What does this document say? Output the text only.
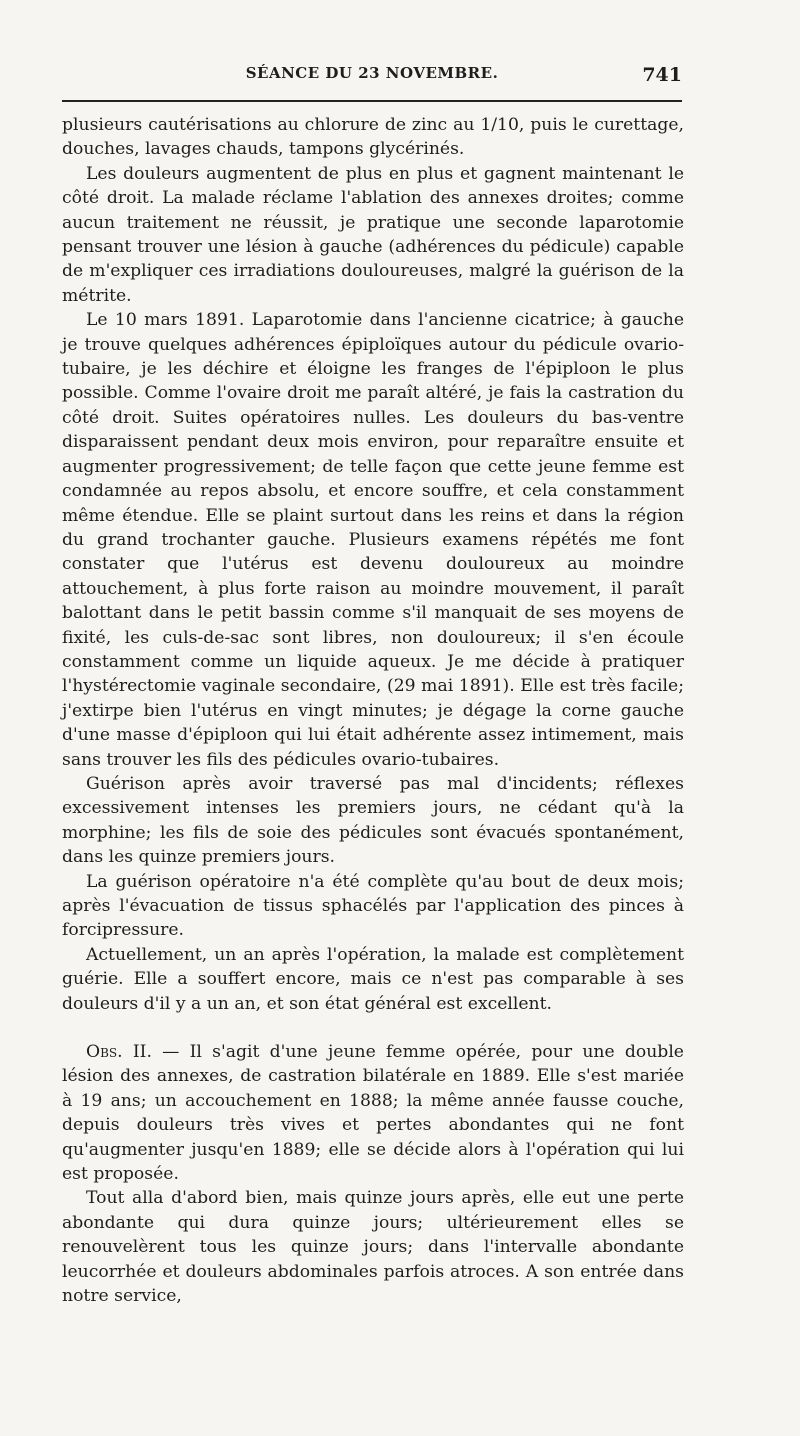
SÉANCE DU 23 NOVEMBRE.	741

plusieurs cautérisations au chlorure de zinc au 1/10, puis le curettage, douches, lavages chauds, tampons glycérinés.

Les douleurs augmentent de plus en plus et gagnent maintenant le côté droit. La malade réclame l'ablation des annexes droites; comme aucun traitement ne réussit, je pratique une seconde laparotomie pensant trouver une lésion à gauche (adhérences du pédicule) capable de m'expliquer ces irradiations douloureuses, malgré la guérison de la métrite.

Le 10 mars 1891. Laparotomie dans l'ancienne cicatrice; à gauche je trouve quelques adhérences épiploïques autour du pédicule ovario-tubaire, je les déchire et éloigne les franges de l'épiploon le plus possible. Comme l'ovaire droit me paraît altéré, je fais la castration du côté droit. Suites opératoires nulles. Les douleurs du bas-ventre disparaissent pendant deux mois environ, pour reparaître ensuite et augmenter progressivement; de telle façon que cette jeune femme est condamnée au repos absolu, et encore souffre, et cela constamment même étendue. Elle se plaint surtout dans les reins et dans la région du grand trochanter gauche. Plusieurs examens répétés me font constater que l'utérus est devenu douloureux au moindre attouchement, à plus forte raison au moindre mouvement, il paraît balottant dans le petit bassin comme s'il manquait de ses moyens de fixité, les culs-de-sac sont libres, non douloureux; il s'en écoule constamment comme un liquide aqueux. Je me décide à pratiquer l'hystérectomie vaginale secondaire, (29 mai 1891). Elle est très facile; j'extirpe bien l'utérus en vingt minutes; je dégage la corne gauche d'une masse d'épiploon qui lui était adhérente assez intimement, mais sans trouver les fils des pédicules ovario-tubaires.

Guérison après avoir traversé pas mal d'incidents; réflexes excessivement intenses les premiers jours, ne cédant qu'à la morphine; les fils de soie des pédicules sont évacués spontanément, dans les quinze premiers jours.

La guérison opératoire n'a été complète qu'au bout de deux mois; après l'évacuation de tissus sphacélés par l'application des pinces à forcipressure.

Actuellement, un an après l'opération, la malade est complètement guérie. Elle a souffert encore, mais ce n'est pas comparable à ses douleurs d'il y a un an, et son état général est excellent.

Obs. II. — Il s'agit d'une jeune femme opérée, pour une double lésion des annexes, de castration bilatérale en 1889. Elle s'est mariée à 19 ans; un accouchement en 1888; la même année fausse couche, depuis douleurs très vives et pertes abondantes qui ne font qu'augmenter jusqu'en 1889; elle se décide alors à l'opération qui lui est proposée.

Tout alla d'abord bien, mais quinze jours après, elle eut une perte abondante qui dura quinze jours; ultérieurement elles se renouvelèrent tous les quinze jours; dans l'intervalle abondante leucorrhée et douleurs abdominales parfois atroces. A son entrée dans notre service,
